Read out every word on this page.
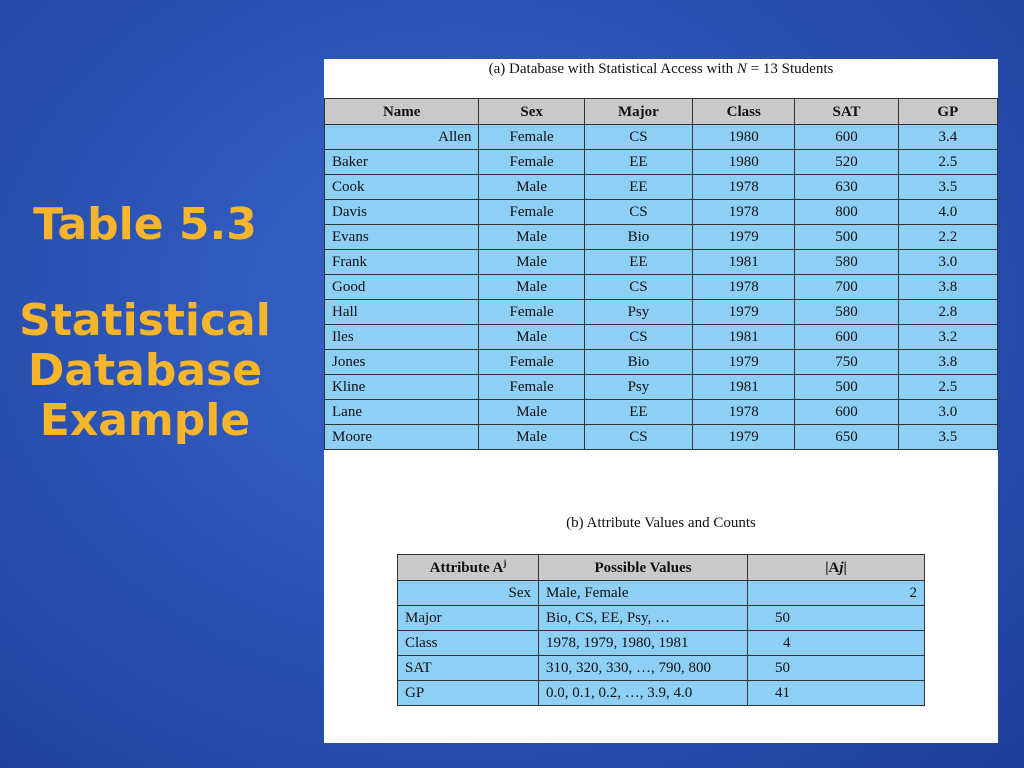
Table 5.3
Statistical
Database
Example
(a) Database with Statistical Access with N = 13 Students
Name	Sex	Major	Class	SAT	GP
Allen	Female	CS	1980	600	3.4
Baker	Female	EE	1980	520	2.5
Cook	Male	EE	1978	630	3.5
Davis	Female	CS	1978	800	4.0
Evans	Male	Bio	1979	500	2.2
Frank	Male	EE	1981	580	3.0
Good	Male	CS	1978	700	3.8
Hall	Female	Psy	1979	580	2.8
Iles	Male	CS	1981	600	3.2
Jones	Female	Bio	1979	750	3.8
Kline	Female	Psy	1981	500	2.5
Lane	Male	EE	1978	600	3.0
Moore	Male	CS	1979	650	3.5
(b) Attribute Values and Counts
Attribute $A^j$	Possible Values	|Aj|
Sex	Male, Female	2
Major	Bio, CS, EE, Psy, …	50
Class	1978, 1979, 1980, 1981	4
SAT	310, 320, 330, …, 790, 800	50
GP	0.0, 0.1, 0.2, …, 3.9, 4.0	41
